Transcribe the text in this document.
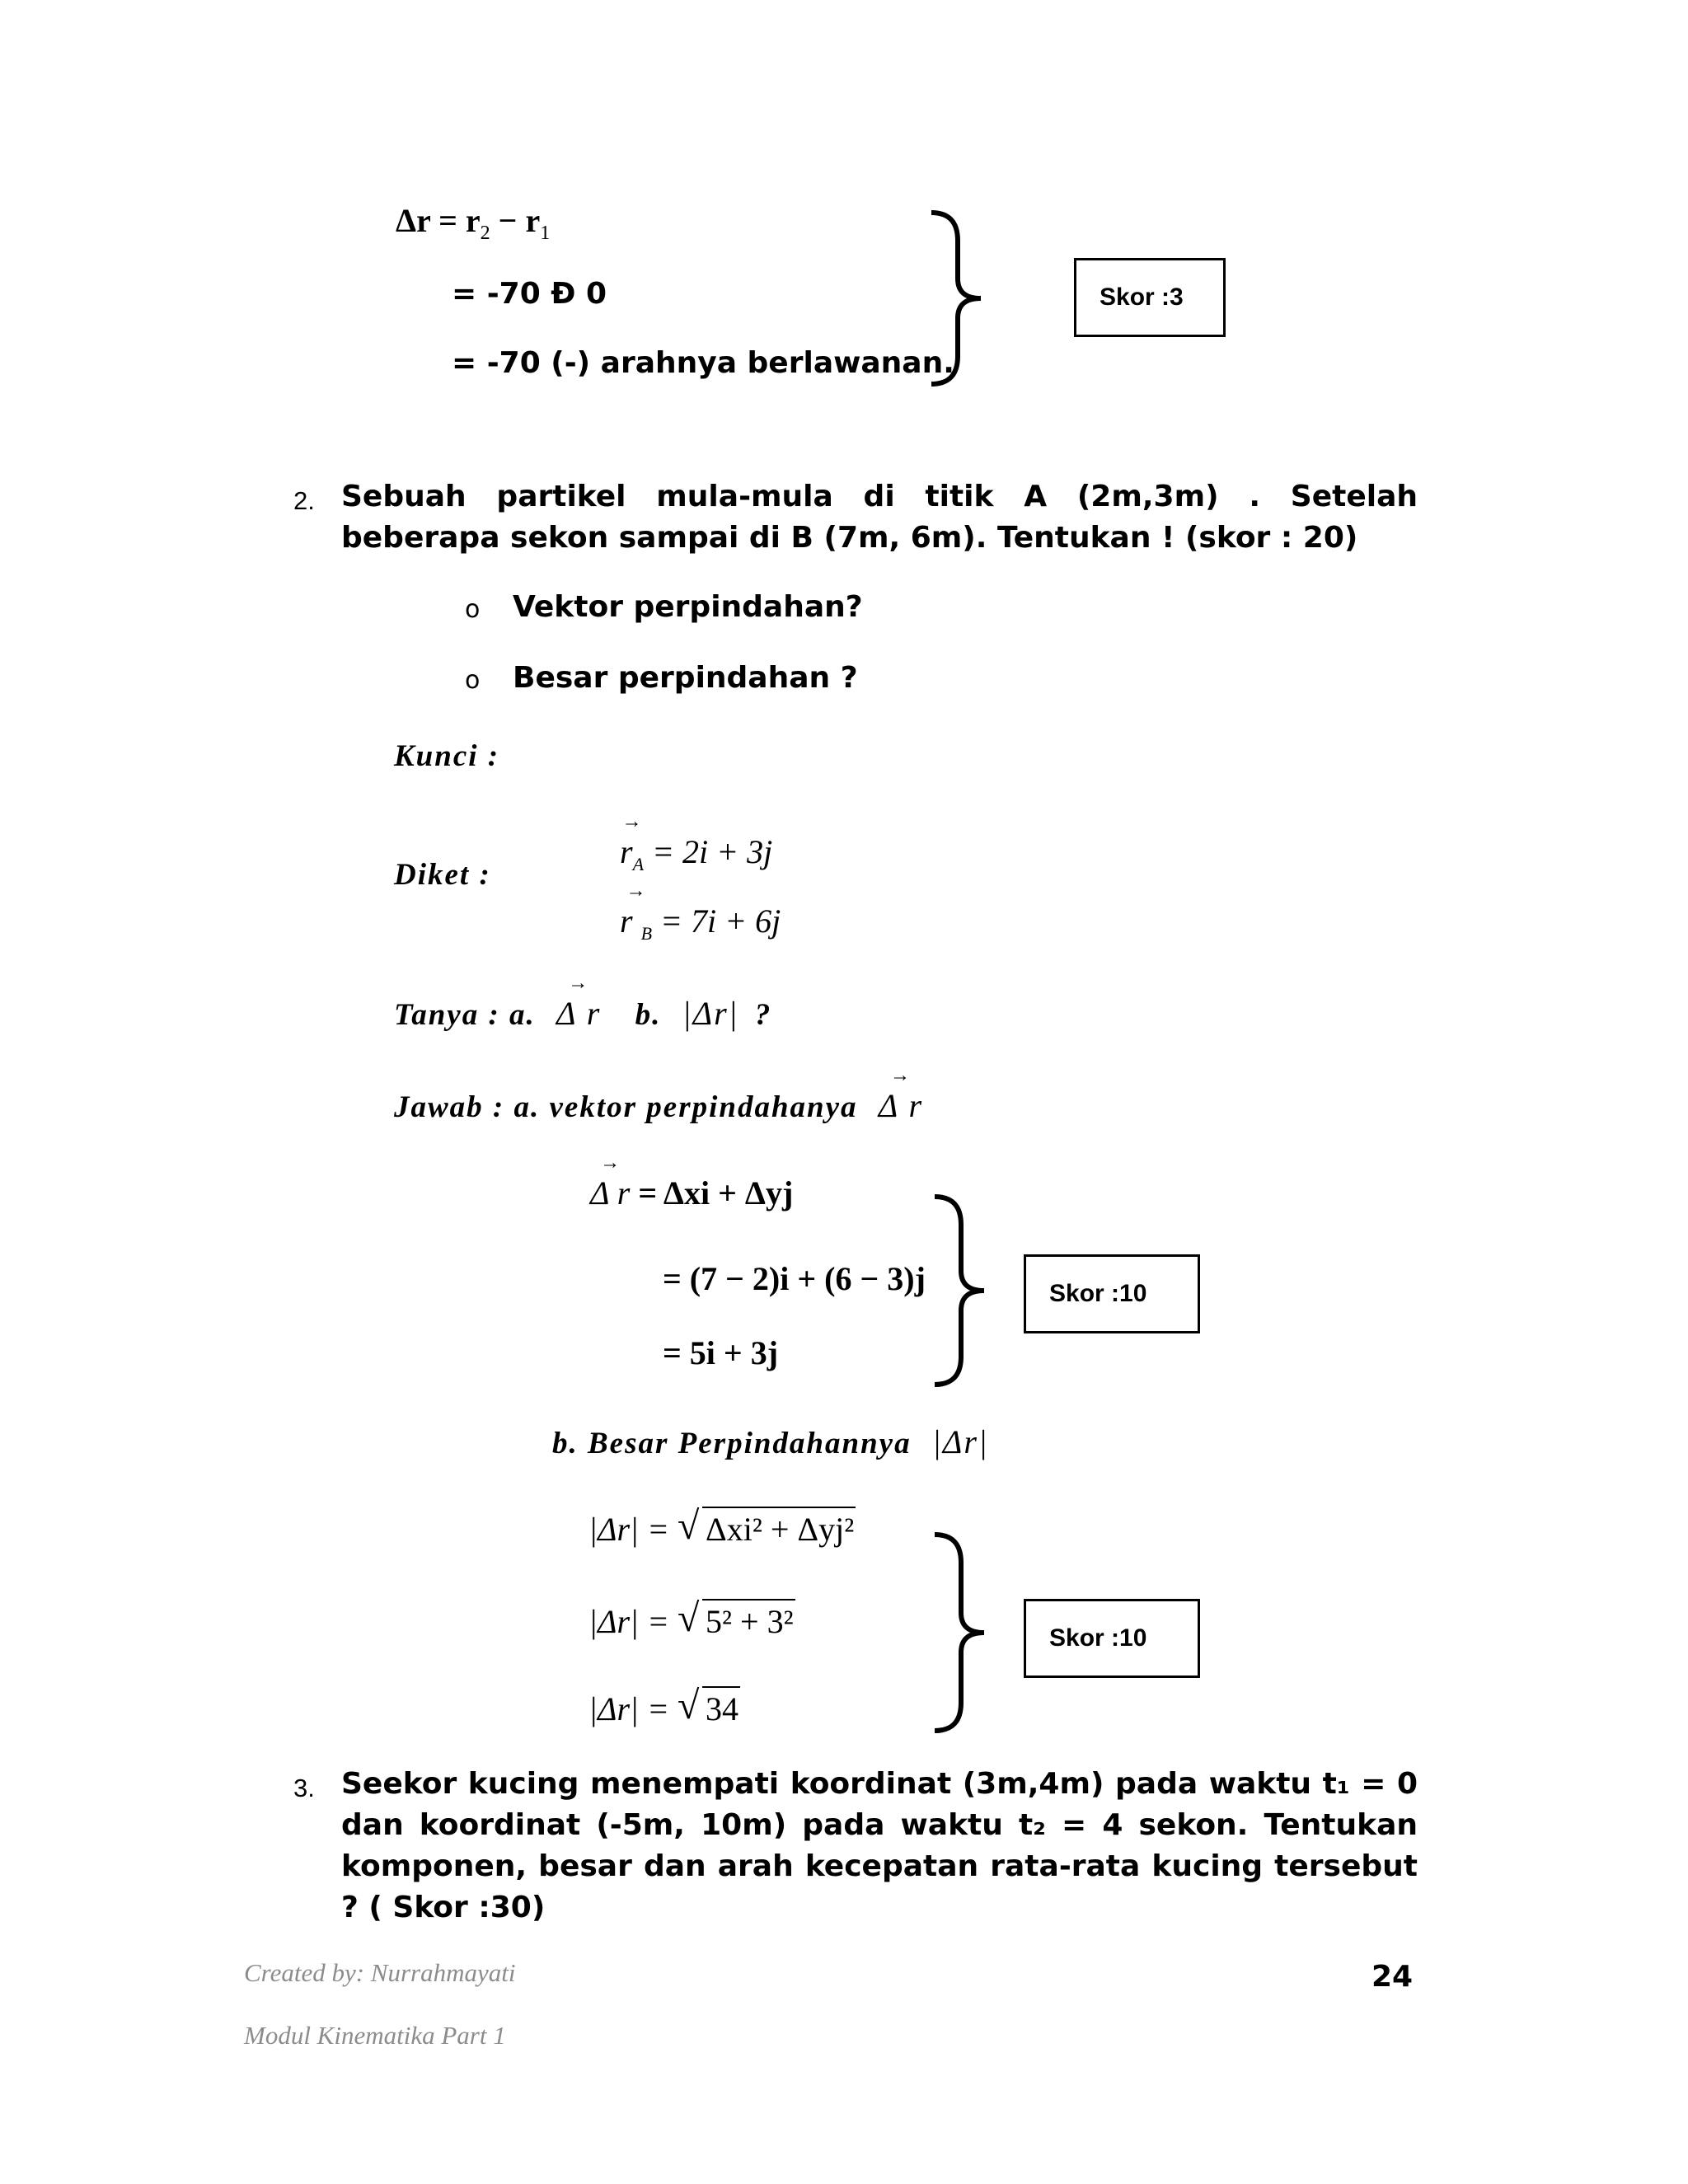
$\Delta r = r_2 - r_1$
= -70 Đ 0
= -70 (-) arahnya berlawanan.
Skor :3
2. Sebuah partikel mula-mula di titik A (2m,3m) . Setelah beberapa sekon sampai di B (7m, 6m). Tentukan ! (skor : 20)
o Vektor perpindahan?
o Besar perpindahan ?
Kunci :
Diket :
$r_A$
→
= 2i + 3j
r $_B$
→
= 7i + 6j
Tanya : a. Δ r
→
b. |Δr| ?
Jawab : a. vektor perpindahanya Δ r
→
Δ r
→
= Δxi + Δyj
= (7 − 2)i + (6 − 3)j
= 5i + 3j
Skor :10
b. Besar Perpindahannya |Δr|
|Δr| = √ Δxi² + Δyj²
|Δr| = √ 5² + 3²
|Δr| = √ 34
Skor :10
3. Seekor kucing menempati koordinat (3m,4m) pada waktu t₁ = 0 dan koordinat (-5m, 10m) pada waktu t₂ = 4 sekon. Tentukan komponen, besar dan arah kecepatan rata-rata kucing tersebut ? ( Skor :30)
Created by: Nurrahmayati
Modul Kinematika Part 1
24
